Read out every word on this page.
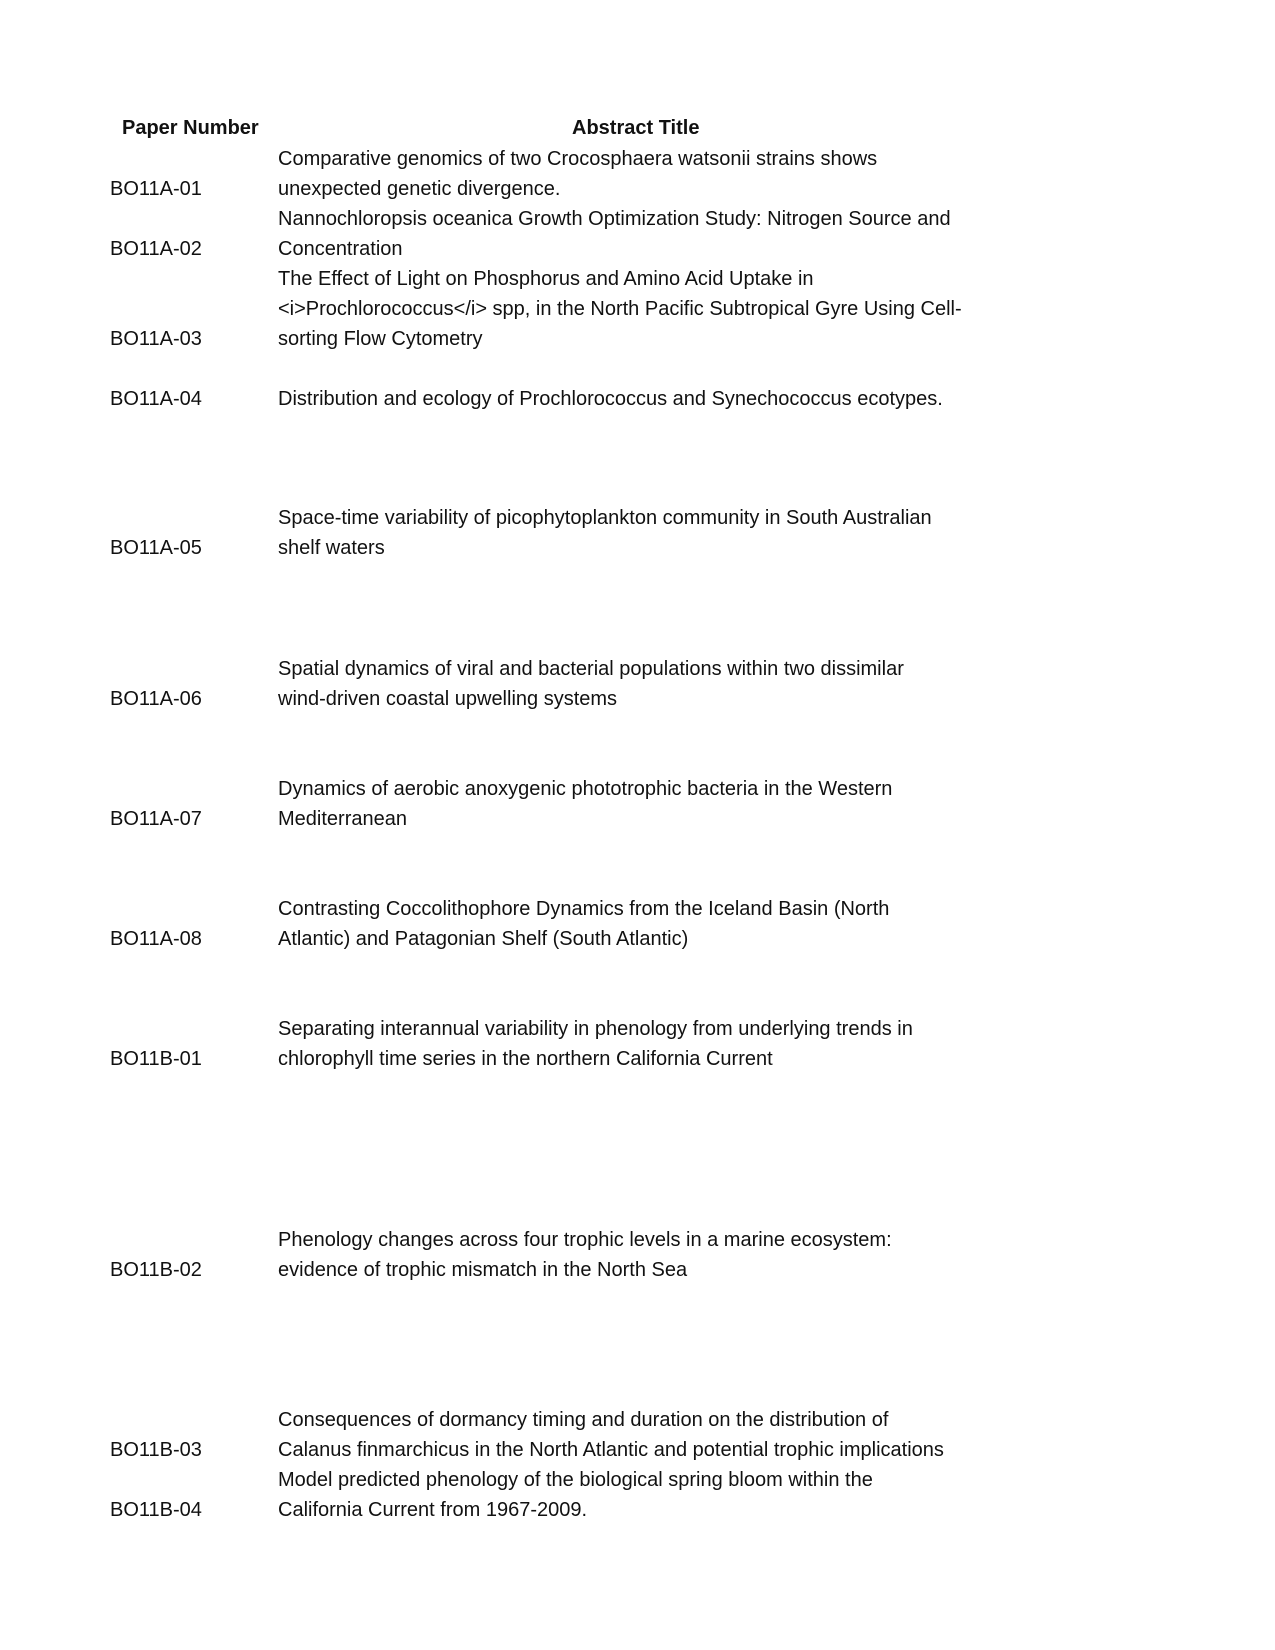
Paper Number	Abstract Title
BO11A-01
Comparative genomics of two Crocosphaera watsonii strains shows
unexpected genetic divergence.
BO11A-02
Nannochloropsis oceanica Growth Optimization Study: Nitrogen Source and
Concentration
BO11A-03
The Effect of Light on Phosphorus and Amino Acid Uptake in
<i>Prochlorococcus</i> spp, in the North Pacific Subtropical Gyre Using Cell-
sorting Flow Cytometry
BO11A-04	Distribution and ecology of Prochlorococcus and Synechococcus ecotypes.
BO11A-05
Space-time variability of picophytoplankton community in South Australian
shelf waters
BO11A-06
Spatial dynamics of viral and bacterial populations within two dissimilar
wind-driven coastal upwelling systems
BO11A-07
Dynamics of aerobic anoxygenic phototrophic bacteria in the Western
Mediterranean
BO11A-08
Contrasting Coccolithophore Dynamics from the Iceland Basin (North
Atlantic) and Patagonian Shelf (South Atlantic)
BO11B-01
Separating interannual variability in phenology from underlying trends in
chlorophyll time series in the northern California Current
BO11B-02
Phenology changes across four trophic levels in a marine ecosystem:
evidence of trophic mismatch in the North Sea
BO11B-03
Consequences of dormancy timing and duration on the distribution of
Calanus finmarchicus in the North Atlantic and potential trophic implications
BO11B-04
Model predicted phenology of the biological spring bloom within the
California Current from 1967-2009.
